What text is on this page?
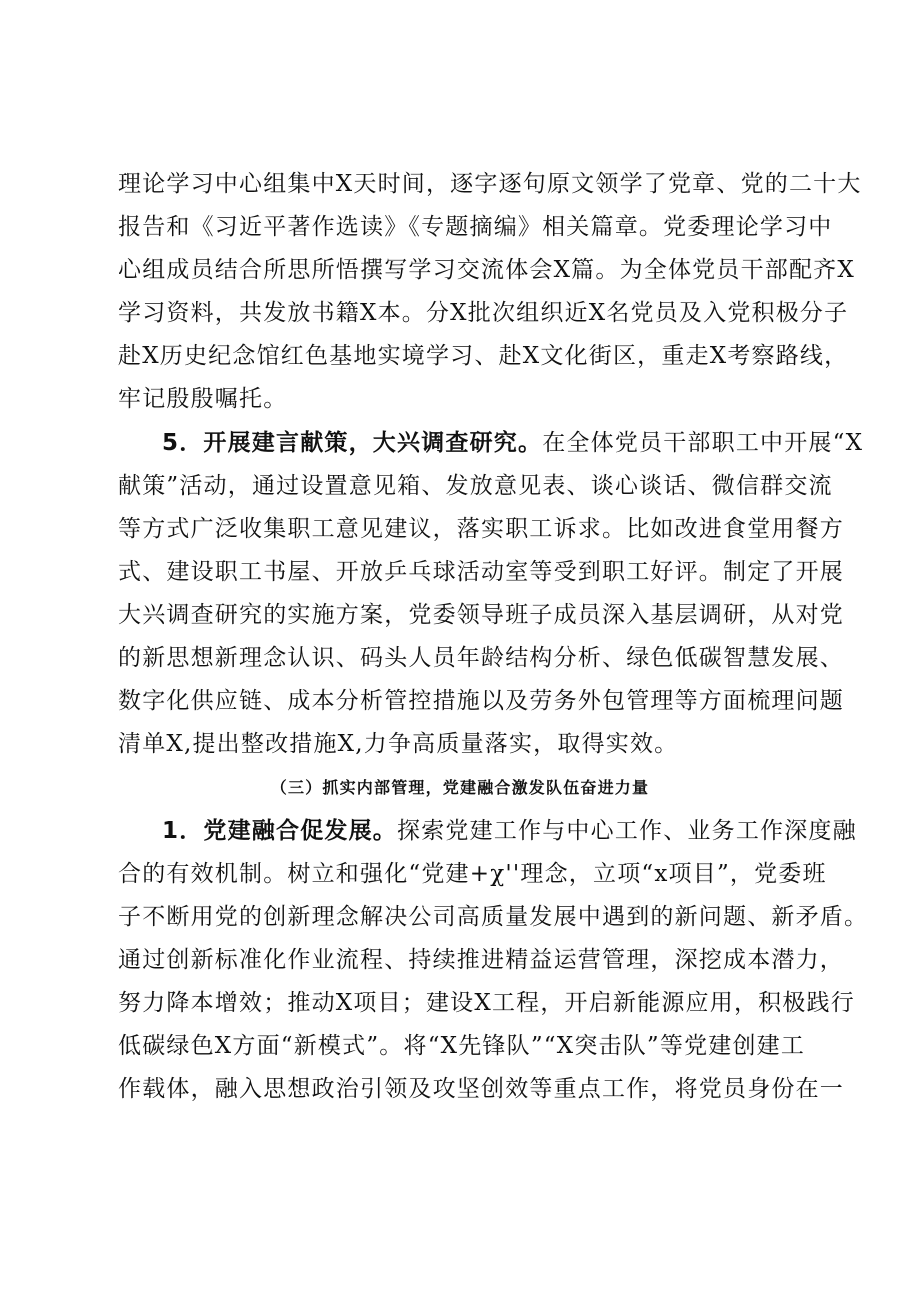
理论学习中心组集中X天时间，逐字逐句原文领学了党章、党的二十大
报告和《习近平著作选读》《专题摘编》相关篇章。党委理论学习中
心组成员结合所思所悟撰写学习交流体会X篇。为全体党员干部配齐X
学习资料，共发放书籍X本。分X批次组织近X名党员及入党积极分子
赴X历史纪念馆红色基地实境学习、赴X文化街区，重走X考察路线，
牢记殷殷嘱托。
5．开展建言献策，大兴调查研究。在全体党员干部职工中开展“X
献策”活动，通过设置意见箱、发放意见表、谈心谈话、微信群交流
等方式广泛收集职工意见建议，落实职工诉求。比如改进食堂用餐方
式、建设职工书屋、开放乒乓球活动室等受到职工好评。制定了开展
大兴调查研究的实施方案，党委领导班子成员深入基层调研，从对党
的新思想新理念认识、码头人员年龄结构分析、绿色低碳智慧发展、
数字化供应链、成本分析管控措施以及劳务外包管理等方面梳理问题
清单X,提出整改措施X,力争高质量落实，取得实效。
（三）抓实内部管理，党建融合激发队伍奋进力量
1．党建融合促发展。探索党建工作与中心工作、业务工作深度融
合的有效机制。树立和强化“党建+χ''理念，立项“x项目”，党委班
子不断用党的创新理念解决公司高质量发展中遇到的新问题、新矛盾。
通过创新标准化作业流程、持续推进精益运营管理，深挖成本潜力，
努力降本增效；推动X项目；建设X工程，开启新能源应用，积极践行
低碳绿色X方面“新模式”。将“X先锋队”“X突击队”等党建创建工
作载体，融入思想政治引领及攻坚创效等重点工作，将党员身份在一
